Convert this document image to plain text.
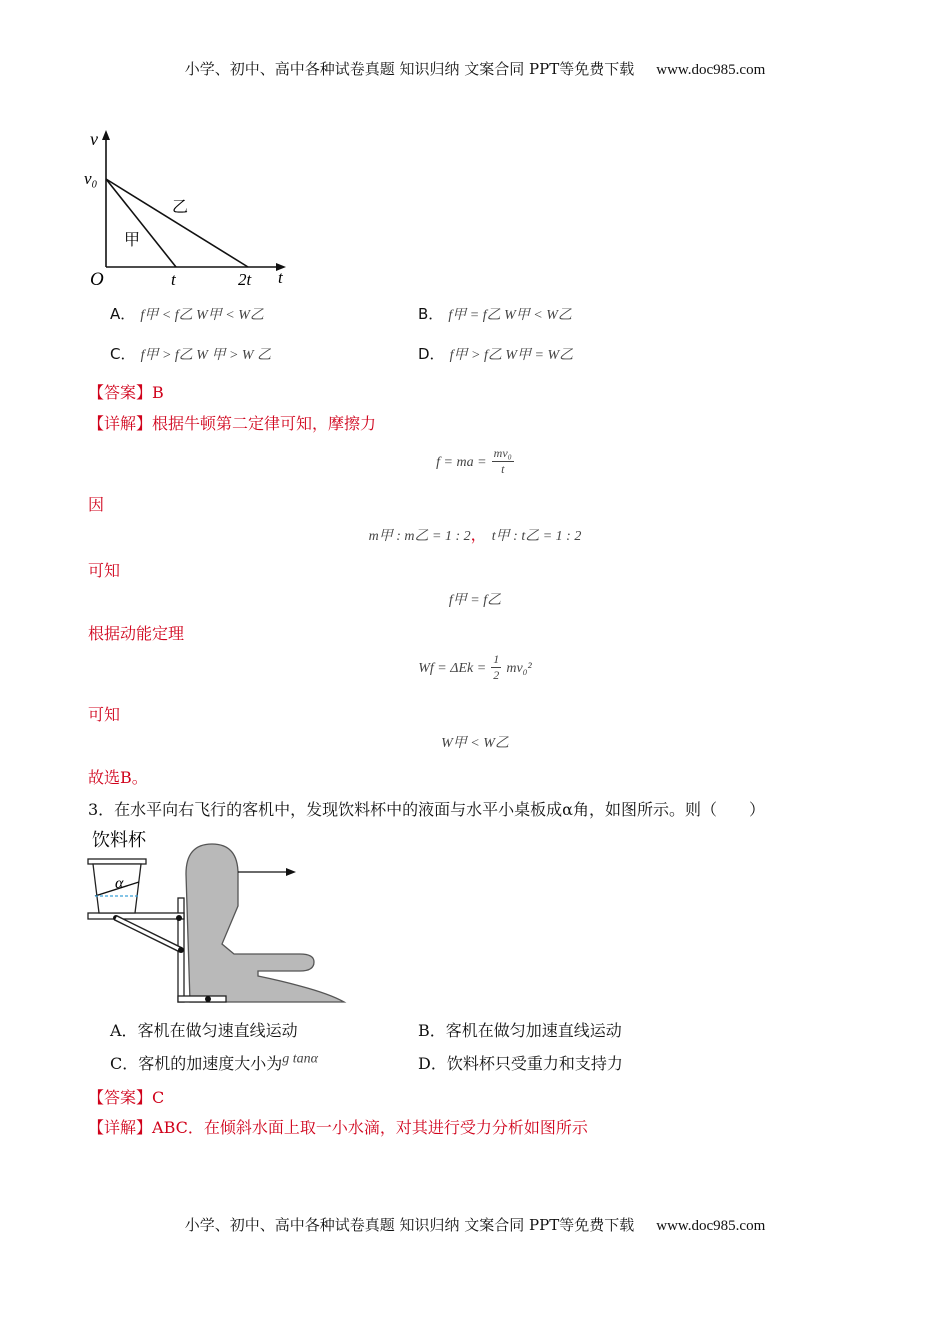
小学、初中、高中各种试卷真题 知识归纳 文案合同 PPT等免费下载 www.doc985.com
v
v₀
O	t	2t t
甲
乙
A． f甲 < f乙 W甲 < W乙	B． f甲 = f乙 W甲 < W乙
C． f甲 > f乙 W 甲 > W 乙	D． f甲 > f乙 W甲 = W乙
【答案】B
【详解】根据牛顿第二定律可知，摩擦力
f = ma = $\frac{\text{mv₀}}{t}$
因
m甲 : m乙 = 1 : 2， t甲 : t乙 = 1 : 2
可知
f甲 = f乙
根据动能定理
$Wf = \Delta Ek = \frac{1}{2} mv_0^2$
可知
W甲 < W乙
故选B。
3．在水平向右飞行的客机中，发现饮料杯中的液面与水平小桌板成α角，如图所示。则（　　）
饮料杯
α
A．客机在做匀速直线运动	B．客机在做匀加速直线运动
C．客机的加速度大小为g tanα	D．饮料杯只受重力和支持力
【答案】C
【详解】ABC．在倾斜水面上取一小水滴，对其进行受力分析如图所示
小学、初中、高中各种试卷真题 知识归纳 文案合同 PPT等免费下载 www.doc985.com
